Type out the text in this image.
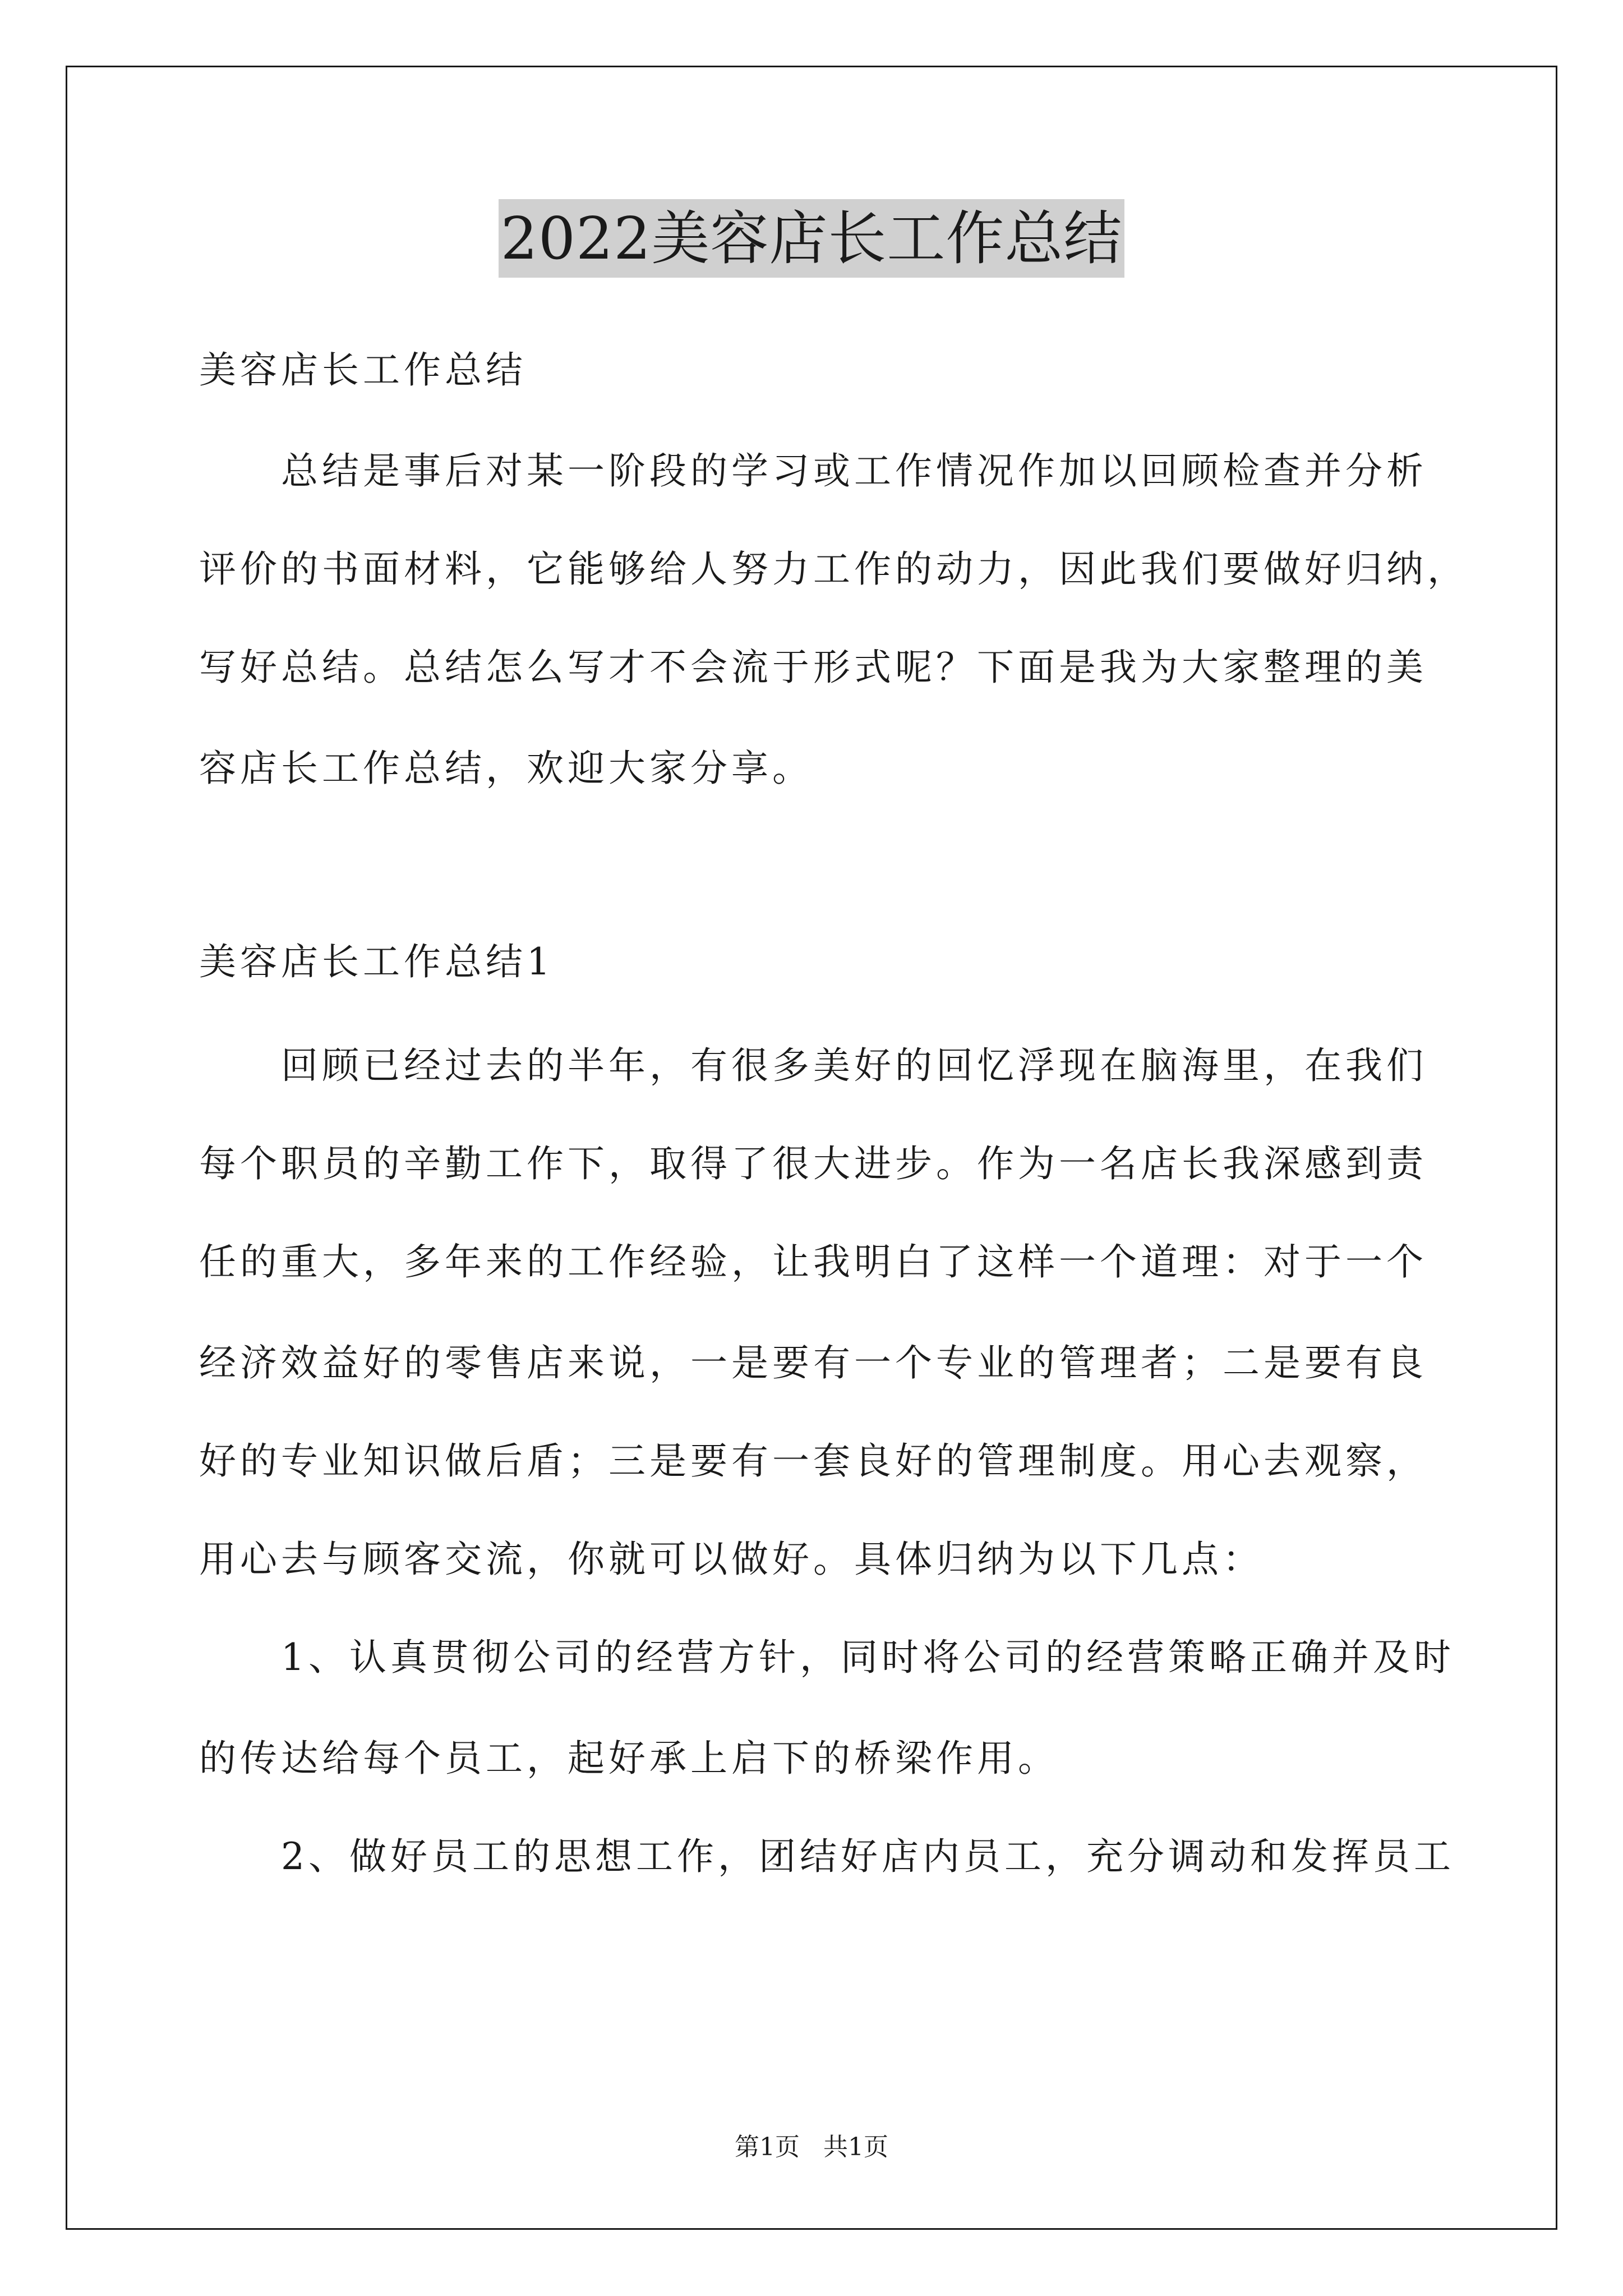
2022美容店长工作总结
美容店长工作总结
　　总结是事后对某一阶段的学习或工作情况作加以回顾检查并分析
评价的书面材料，它能够给人努力工作的动力，因此我们要做好归纳，
写好总结。总结怎么写才不会流于形式呢？下面是我为大家整理的美
容店长工作总结，欢迎大家分享。
美容店长工作总结1
　　回顾已经过去的半年，有很多美好的回忆浮现在脑海里，在我们
每个职员的辛勤工作下，取得了很大进步。作为一名店长我深感到责
任的重大，多年来的工作经验，让我明白了这样一个道理：对于一个
经济效益好的零售店来说，一是要有一个专业的管理者；二是要有良
好的专业知识做后盾；三是要有一套良好的管理制度。用心去观察，
用心去与顾客交流，你就可以做好。具体归纳为以下几点：
　　1、认真贯彻公司的经营方针，同时将公司的经营策略正确并及时
的传达给每个员工，起好承上启下的桥梁作用。
　　2、做好员工的思想工作，团结好店内员工，充分调动和发挥员工
第1页   共1页
